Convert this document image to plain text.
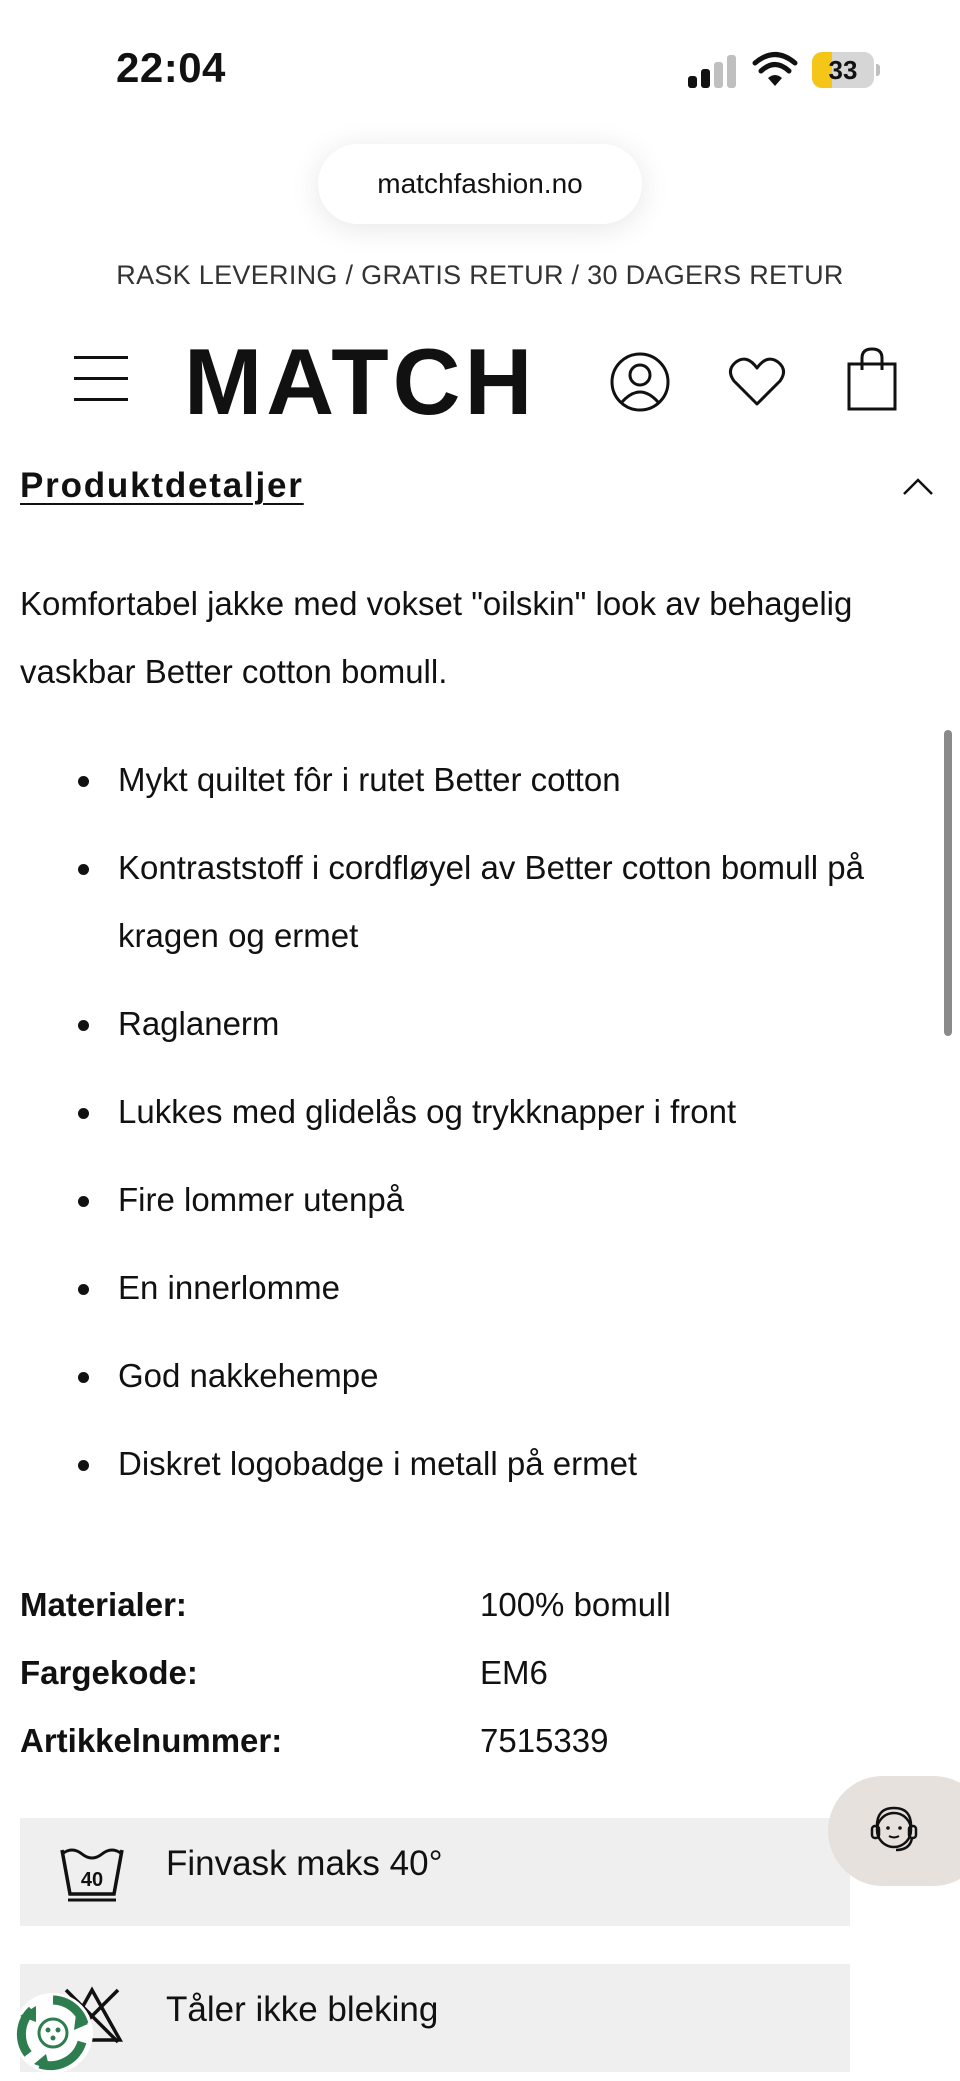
22:04	33
matchfashion.no
RASK LEVERING / GRATIS RETUR / 30 DAGERS RETUR
MATCH
Produktdetaljer
Komfortabel jakke med vokset "oilskin" look av behagelig vaskbar Better cotton bomull.
Mykt quiltet fôr i rutet Better cotton
Kontraststoff i cordfløyel av Better cotton bomull på kragen og ermet
Raglanerm
Lukkes med glidelås og trykknapper i front
Fire lommer utenpå
En innerlomme
God nakkehempe
Diskret logobadge i metall på ermet
Materialer:	100% bomull
Fargekode:	EM6
Artikkelnummer:	7515339
40 Finvask maks 40°
Tåler ikke bleking
